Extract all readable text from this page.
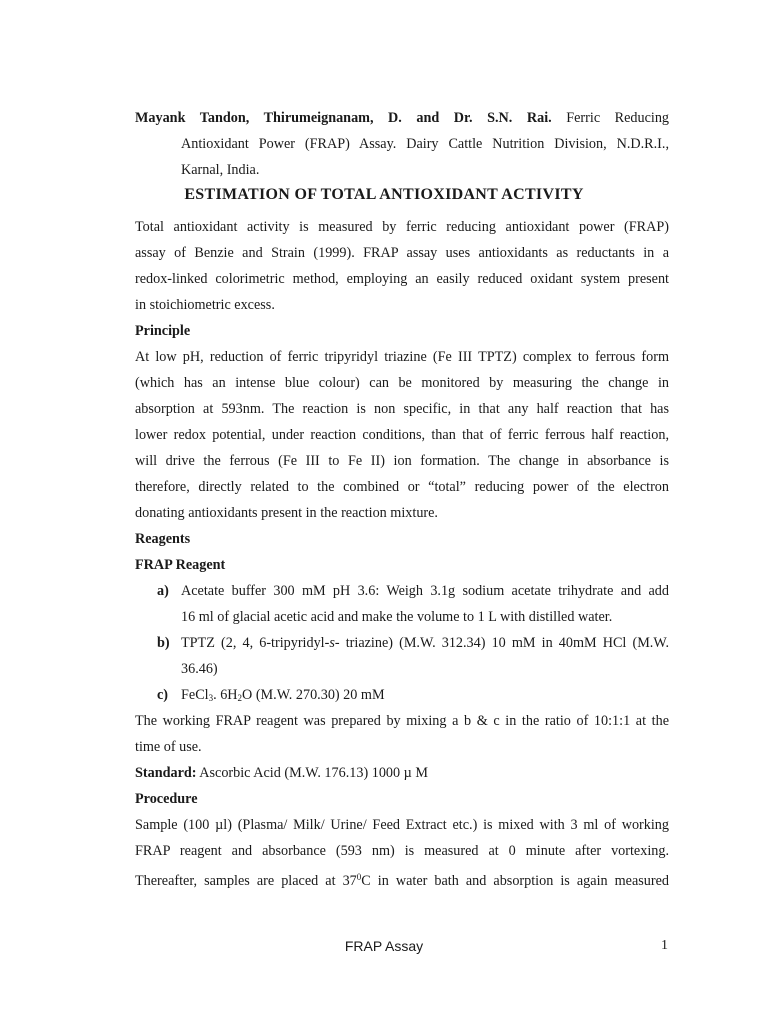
Mayank Tandon, Thirumeignanam, D. and Dr. S.N. Rai. Ferric Reducing
Antioxidant Power (FRAP) Assay. Dairy Cattle Nutrition Division, N.D.R.I.,
Karnal, India.
ESTIMATION OF TOTAL ANTIOXIDANT ACTIVITY
Total antioxidant activity is measured by ferric reducing antioxidant power (FRAP)
assay of Benzie and Strain (1999). FRAP assay uses antioxidants as reductants in a
redox-linked colorimetric method, employing an easily reduced oxidant system present
in stoichiometric excess.
Principle
At low pH, reduction of ferric tripyridyl triazine (Fe III TPTZ) complex to ferrous form
(which has an intense blue colour) can be monitored by measuring the change in
absorption at 593nm. The reaction is non specific, in that any half reaction that has
lower redox potential, under reaction conditions, than that of ferric ferrous half reaction,
will drive the ferrous (Fe III to Fe II) ion formation. The change in absorbance is
therefore, directly related to the combined or “total” reducing power of the electron
donating antioxidants present in the reaction mixture.
Reagents
FRAP Reagent
a) Acetate buffer 300 mM pH 3.6: Weigh 3.1g sodium acetate trihydrate and add
16 ml of glacial acetic acid and make the volume to 1 L with distilled water.
b) TPTZ (2, 4, 6-tripyridyl-s- triazine) (M.W. 312.34) 10 mM in 40mM HCl (M.W.
36.46)
c) FeCl$_3$. $6H_2O$ (M.W. 270.30) 20 mM
The working FRAP reagent was prepared by mixing a b & c in the ratio of 10:1:1 at the
time of use.
Standard: Ascorbic Acid (M.W. 176.13) 1000 µ M
Procedure
Sample (100 µl) (Plasma/ Milk/ Urine/ Feed Extract etc.) is mixed with 3 ml of working
FRAP reagent and absorbance (593 nm) is measured at 0 minute after vortexing.
Thereafter, samples are placed at $37^0C$ in water bath and absorption is again measured
FRAP Assay	1
